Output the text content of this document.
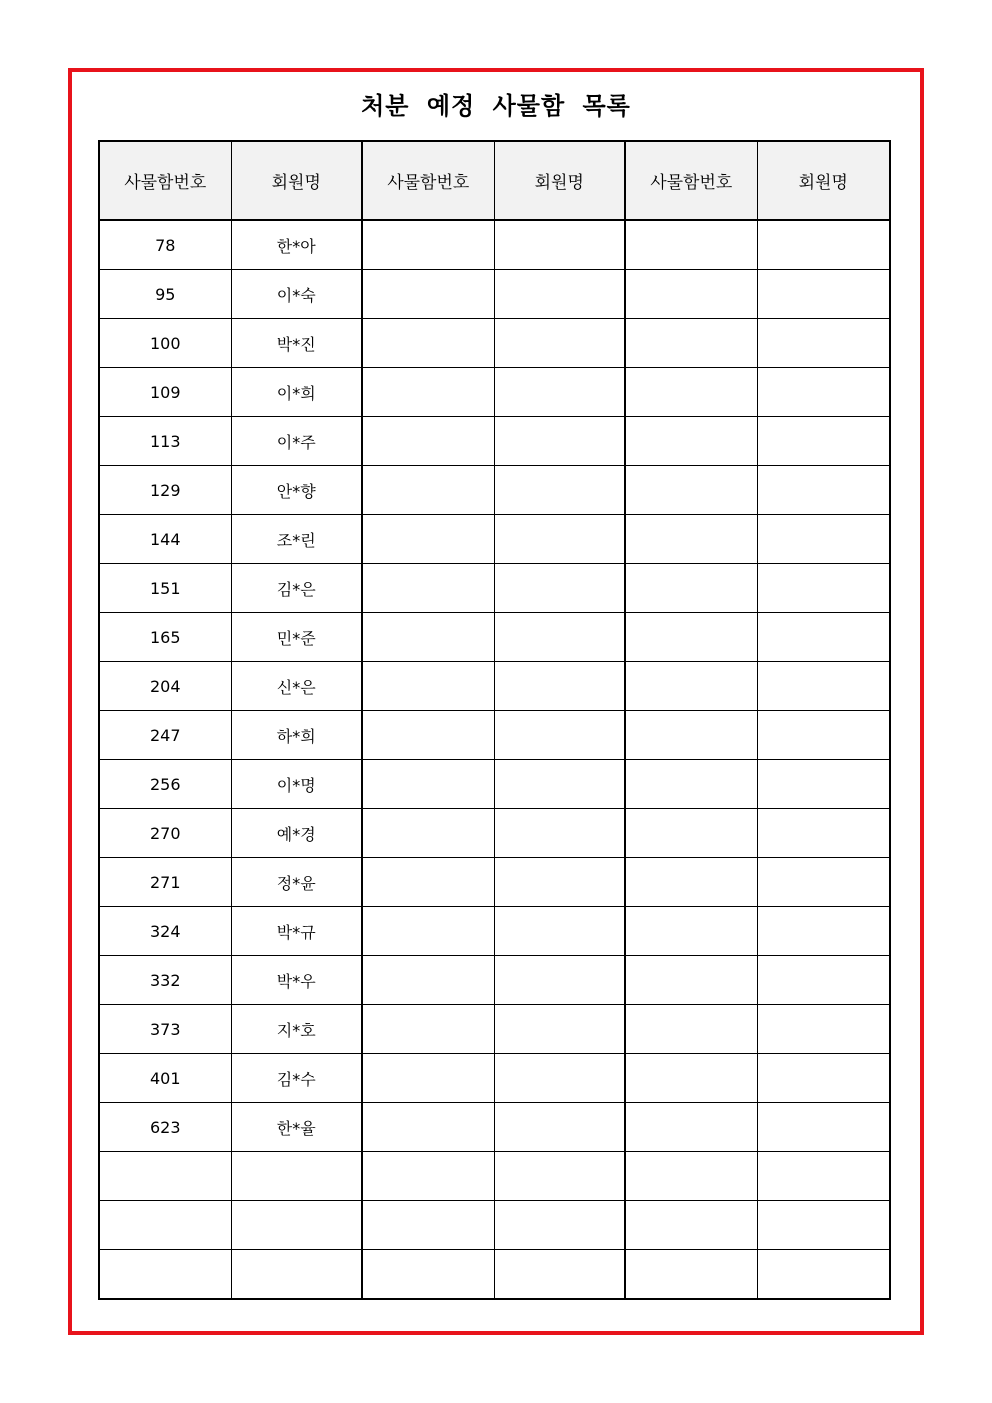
처분 예정 사물함 목록
사물함번호	회원명	사물함번호	회원명	사물함번호	회원명
78	한*아				
95	이*숙				
100	박*진				
109	이*희				
113	이*주				
129	안*향				
144	조*린				
151	김*은				
165	민*준				
204	신*은				
247	하*희				
256	이*명				
270	예*경				
271	정*윤				
324	박*규				
332	박*우				
373	지*호				
401	김*수				
623	한*율				
